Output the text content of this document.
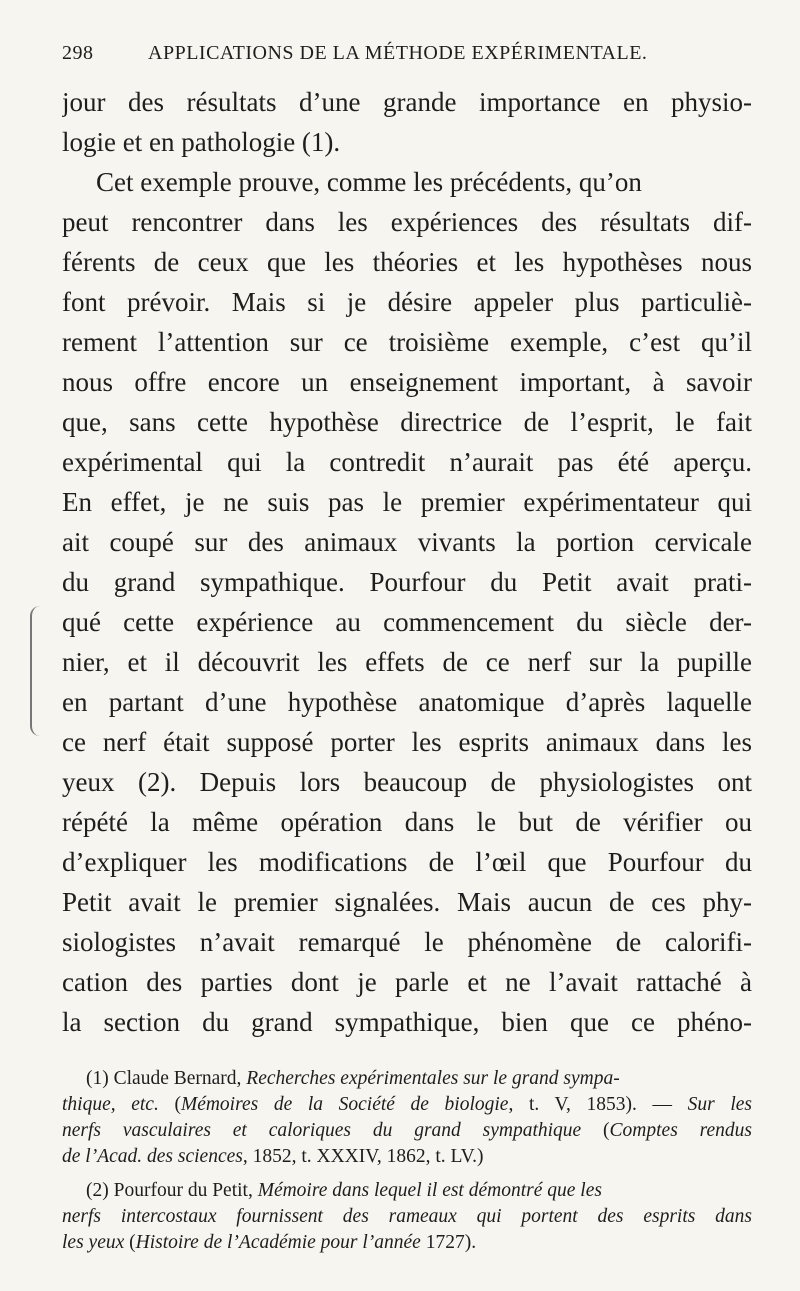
298	APPLICATIONS DE LA MÉTHODE EXPÉRIMENTALE.
jour des résultats d’une grande importance en physio-
logie et en pathologie (1).
Cet exemple prouve, comme les précédents, qu’on
peut rencontrer dans les expériences des résultats dif-
férents de ceux que les théories et les hypothèses nous
font prévoir. Mais si je désire appeler plus particuliè-
rement l’attention sur ce troisième exemple, c’est qu’il
nous offre encore un enseignement important, à savoir
que, sans cette hypothèse directrice de l’esprit, le fait
expérimental qui la contredit n’aurait pas été aperçu.
En effet, je ne suis pas le premier expérimentateur qui
ait coupé sur des animaux vivants la portion cervicale
du grand sympathique. Pourfour du Petit avait prati-
qué cette expérience au commencement du siècle der-
nier, et il découvrit les effets de ce nerf sur la pupille
en partant d’une hypothèse anatomique d’après laquelle
ce nerf était supposé porter les esprits animaux dans les
yeux (2). Depuis lors beaucoup de physiologistes ont
répété la même opération dans le but de vérifier ou
d’expliquer les modifications de l’œil que Pourfour du
Petit avait le premier signalées. Mais aucun de ces phy-
siologistes n’avait remarqué le phénomène de calorifi-
cation des parties dont je parle et ne l’avait rattaché à
la section du grand sympathique, bien que ce phéno-
(1) Claude Bernard, Recherches expérimentales sur le grand sympa-
thique, etc. (Mémoires de la Société de biologie, t. V, 1853). — Sur les
nerfs vasculaires et caloriques du grand sympathique (Comptes rendus
de l’Acad. des sciences, 1852, t. XXXIV, 1862, t. LV.)
(2) Pourfour du Petit, Mémoire dans lequel il est démontré que les
nerfs intercostaux fournissent des rameaux qui portent des esprits dans
les yeux (Histoire de l’Académie pour l’année 1727).
